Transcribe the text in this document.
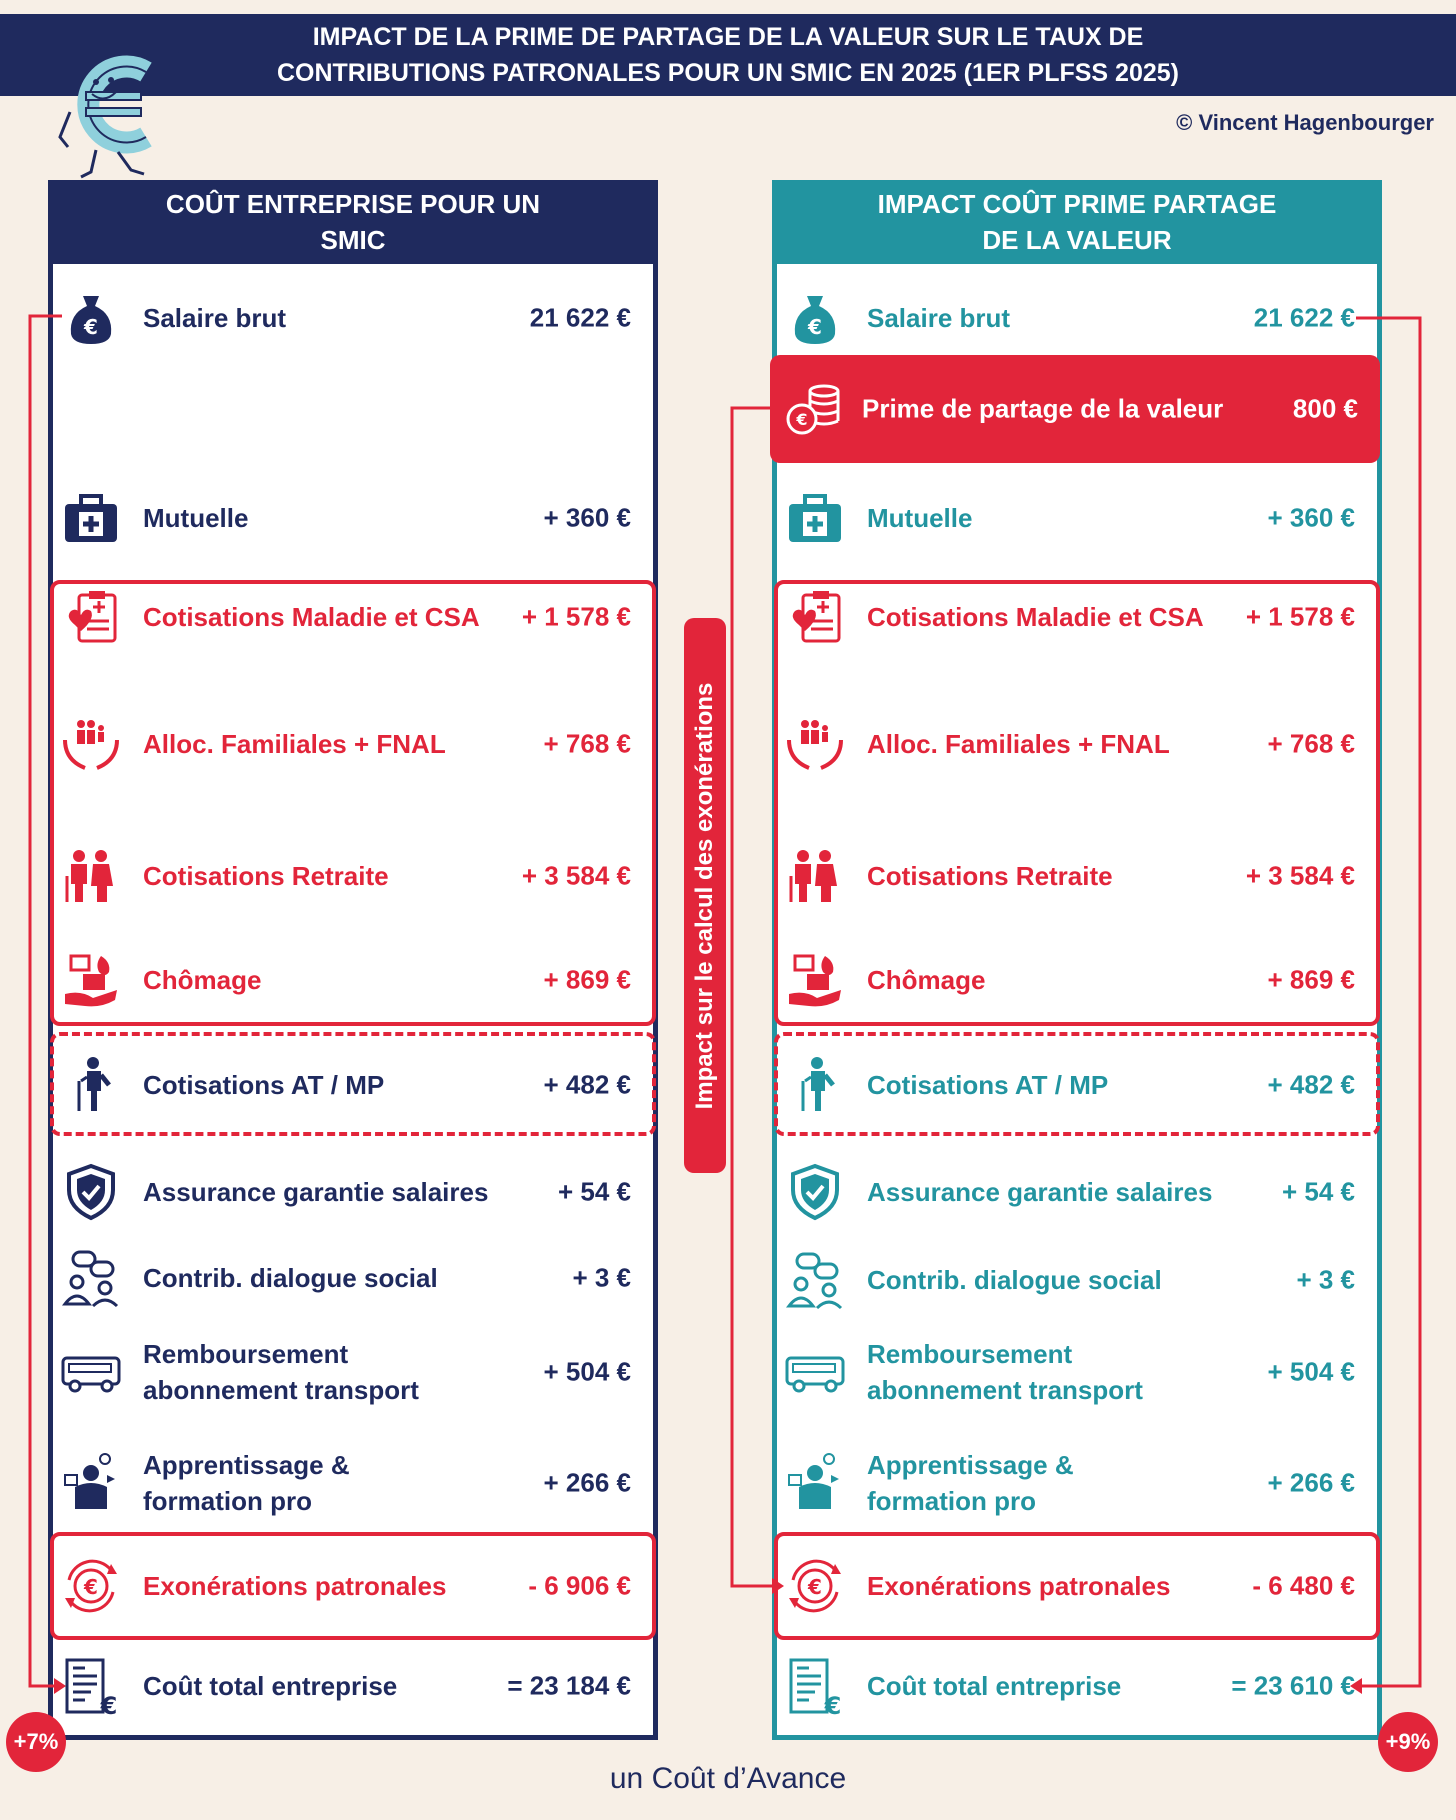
IMPACT DE LA PRIME DE PARTAGE DE LA VALEUR SUR LE TAUX DE
CONTRIBUTIONS PATRONALES POUR UN SMIC EN 2025 (1ER PLFSS 2025)
© Vincent Hagenbourger
COÛT ENTREPRISE POUR UN
SMIC
IMPACT COÛT PRIME PARTAGE
DE LA VALEUR
€ Prime de partage de la valeur	800 €
Impact sur le calcul des exonérations
+7%	+9%
un Coût d’Avance
€ Salaire brut	21 622 €
Mutuelle	+ 360 €
Cotisations Maladie et CSA	+ 1 578 €
Alloc. Familiales + FNAL	+ 768 €
Cotisations Retraite	+ 3 584 €
Chômage	+ 869 €
Cotisations AT / MP	+ 482 €
Assurance garantie salaires	+ 54 €
Contrib. dialogue social	+ 3 €
Remboursement
abonnement transport
+ 504 €
Apprentissage &
formation pro
+ 266 €
€ Exonérations patronales	- 6 906 €
€
Coût total entreprise	= 23 184 €
€ Salaire brut	21 622 €
Mutuelle	+ 360 €
Cotisations Maladie et CSA	+ 1 578 €
Alloc. Familiales + FNAL	+ 768 €
Cotisations Retraite	+ 3 584 €
Chômage	+ 869 €
Cotisations AT / MP	+ 482 €
Assurance garantie salaires	+ 54 €
Contrib. dialogue social	+ 3 €
Remboursement
abonnement transport
+ 504 €
Apprentissage &
formation pro
+ 266 €
€ Exonérations patronales	- 6 480 €
€
Coût total entreprise	= 23 610 €
